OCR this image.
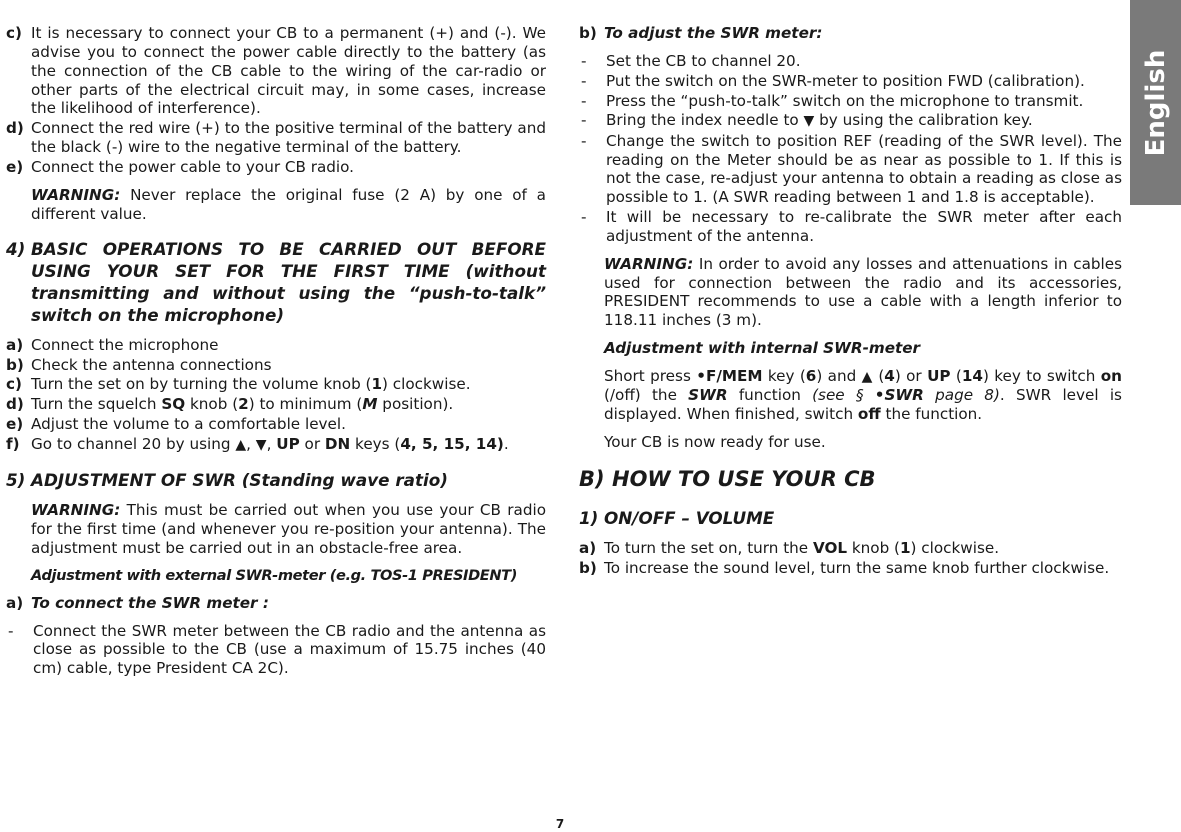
English
c) It is necessary to connect your CB to a permanent (+) and (-). We advise you to connect the power cable directly to the battery (as the connection of the CB cable to the wiring of the car-radio or other parts of the electrical circuit may, in some cases, increase the likelihood of interference).
d) Connect the red wire (+) to the positive terminal of the battery and the black (-) wire to the negative terminal of the battery.
e) Connect the power cable to your CB radio.
WARNING: Never replace the original fuse (2 A) by one of a different value.
4) BASIC OPERATIONS TO BE CARRIED OUT BEFORE USING YOUR SET FOR THE FIRST TIME (without transmitting and without using the “push-to-talk” switch on the microphone)
a) Connect the microphone
b) Check the antenna connections
c) Turn the set on by turning the volume knob (1) clockwise.
d) Turn the squelch SQ knob (2) to minimum (M position).
e) Adjust the volume to a comfortable level.
f) Go to channel 20 by using ▲, ▼, UP or DN keys (4, 5, 15, 14).
5) ADJUSTMENT OF SWR (Standing wave ratio)
WARNING: This must be carried out when you use your CB radio for the first time (and whenever you re-position your antenna). The adjustment must be carried out in an obstacle-free area.
Adjustment with external SWR-meter (e.g. TOS-1 PRESIDENT)
a) To connect the SWR meter :
-	Connect the SWR meter between the CB radio and the antenna as close as possible to the CB (use a maximum of 15.75 inches (40 cm) cable, type President CA 2C).
b) To adjust the SWR meter:
-	Set the CB to channel 20.
-	Put the switch on the SWR-meter to position FWD (calibration).
-	Press the “push-to-talk” switch on the microphone to transmit.
-	Bring the index needle to ▼ by using the calibration key.
-	Change the switch to position REF (reading of the SWR level). The reading on the Meter should be as near as possible to 1. If this is not the case, re-adjust your antenna to obtain a reading as close as possible to 1. (A SWR reading between 1 and 1.8 is acceptable).
-	It will be necessary to re-calibrate the SWR meter after each adjustment of the antenna.
WARNING: In order to avoid any losses and attenuations in cables used for connection between the radio and its accessories, PRESIDENT recommends to use a cable with a length inferior to 118.11 inches (3 m).
Adjustment with internal SWR-meter
Short press •F/MEM key (6) and ▲ (4) or UP (14) key to switch on (/off) the SWR function (see § •SWR page 8). SWR level is displayed. When finished, switch off the function.
Your CB is now ready for use.
B) HOW TO USE YOUR CB
1) ON/OFF – VOLUME
a) To turn the set on, turn the VOL knob (1) clockwise.
b) To increase the sound level, turn the same knob further clockwise.
7
